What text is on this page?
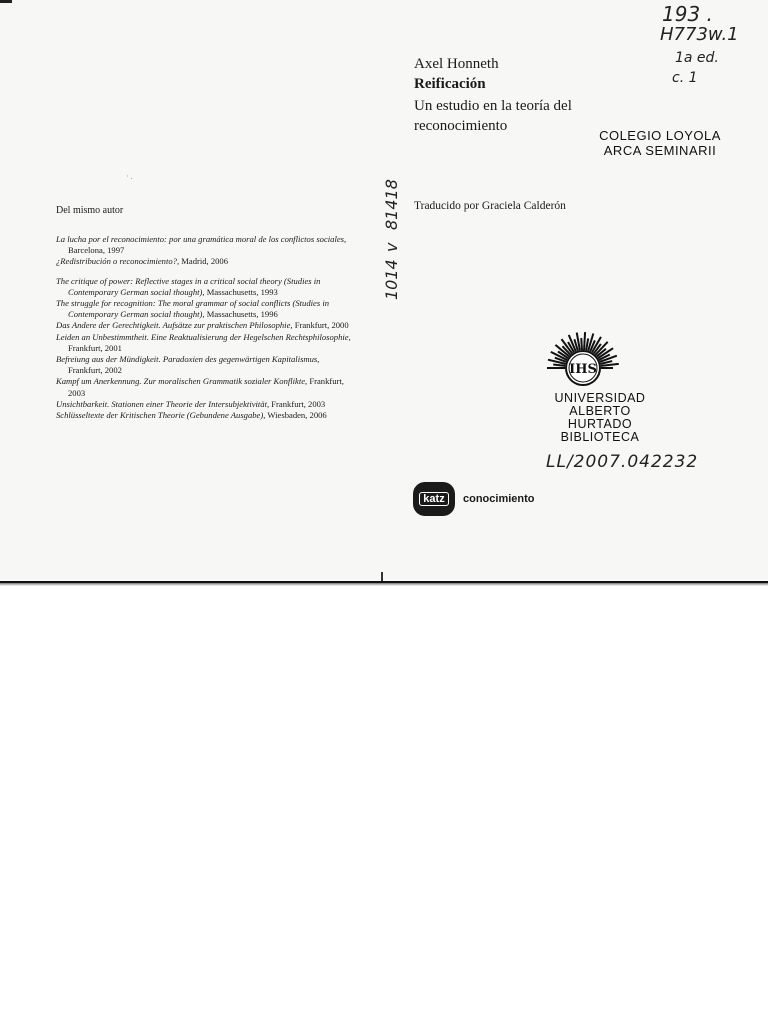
· .

Del mismo autor

La lucha por el reconocimiento: por una gramática moral de los conflictos sociales, Barcelona, 1997
¿Redistribución o reconocimiento?, Madrid, 2006
The critique of power: Reflective stages in a critical social theory (Studies in Contemporary German social thought), Massachusetts, 1993
The struggle for recognition: The moral grammar of social conflicts (Studies in Contemporary German social thought), Massachusetts, 1996
Das Andere der Gerechtigkeit. Aufsätze zur praktischen Philosophie, Frankfurt, 2000
Leiden an Unbestimmtheit. Eine Reaktualisierung der Hegelschen Rechtsphilosophie, Frankfurt, 2001
Befreiung aus der Mündigkeit. Paradoxien des gegenwärtigen Kapitalismus, Frankfurt, 2002
Kampf um Anerkennung. Zur moralischen Grammatik sozialer Konflikte, Frankfurt, 2003
Unsichtbarkeit. Stationen einer Theorie der Intersubjektivität, Frankfurt, 2003
Schlüsseltexte der Kritischen Theorie (Gebundene Ausgabe), Wiesbaden, 2006
Axel Honneth
Reificación
Un estudio en la teoría del reconocimiento
Traducido por Graciela Calderón
COLEGIO LOYOLA
ARCA SEMINARII
193 .
H773w.1
1a ed.
c. 1
1014
v
81418
IHS
UNIVERSIDAD
ALBERTO
HURTADO
BIBLIOTECA
LL/2007.042232
katz	conocimiento
